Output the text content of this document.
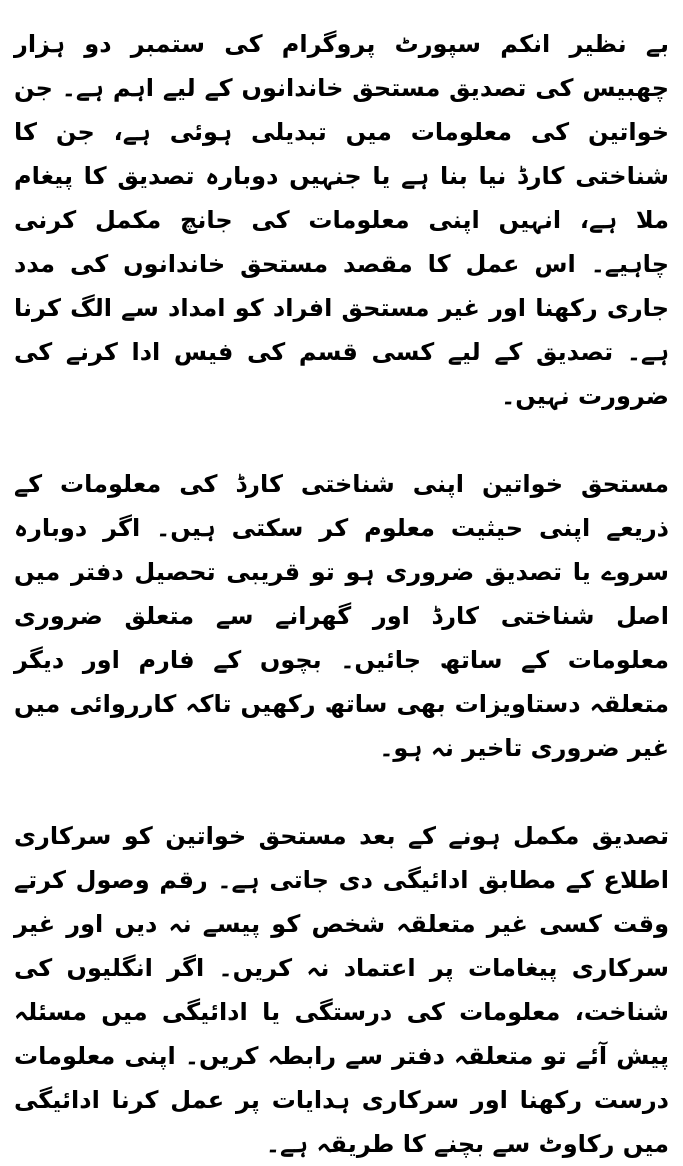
بے نظیر انکم سپورٹ پروگرام کی ستمبر دو ہزار چھبیس کی تصدیق مستحق خاندانوں کے لیے اہم ہے۔ جن خواتین کی معلومات میں تبدیلی ہوئی ہے، جن کا شناختی کارڈ نیا بنا ہے یا جنہیں دوبارہ تصدیق کا پیغام ملا ہے، انہیں اپنی معلومات کی جانچ مکمل کرنی چاہیے۔ اس عمل کا مقصد مستحق خاندانوں کی مدد جاری رکھنا اور غیر مستحق افراد کو امداد سے الگ کرنا ہے۔ تصدیق کے لیے کسی قسم کی فیس ادا کرنے کی ضرورت نہیں۔

مستحق خواتین اپنی شناختی کارڈ کی معلومات کے ذریعے اپنی حیثیت معلوم کر سکتی ہیں۔ اگر دوبارہ سروے یا تصدیق ضروری ہو تو قریبی تحصیل دفتر میں اصل شناختی کارڈ اور گھرانے سے متعلق ضروری معلومات کے ساتھ جائیں۔ بچوں کے فارم اور دیگر متعلقہ دستاویزات بھی ساتھ رکھیں تاکہ کارروائی میں غیر ضروری تاخیر نہ ہو۔

تصدیق مکمل ہونے کے بعد مستحق خواتین کو سرکاری اطلاع کے مطابق ادائیگی دی جاتی ہے۔ رقم وصول کرتے وقت کسی غیر متعلقہ شخص کو پیسے نہ دیں اور غیر سرکاری پیغامات پر اعتماد نہ کریں۔ اگر انگلیوں کی شناخت، معلومات کی درستگی یا ادائیگی میں مسئلہ پیش آئے تو متعلقہ دفتر سے رابطہ کریں۔ اپنی معلومات درست رکھنا اور سرکاری ہدایات پر عمل کرنا ادائیگی میں رکاوٹ سے بچنے کا طریقہ ہے۔
